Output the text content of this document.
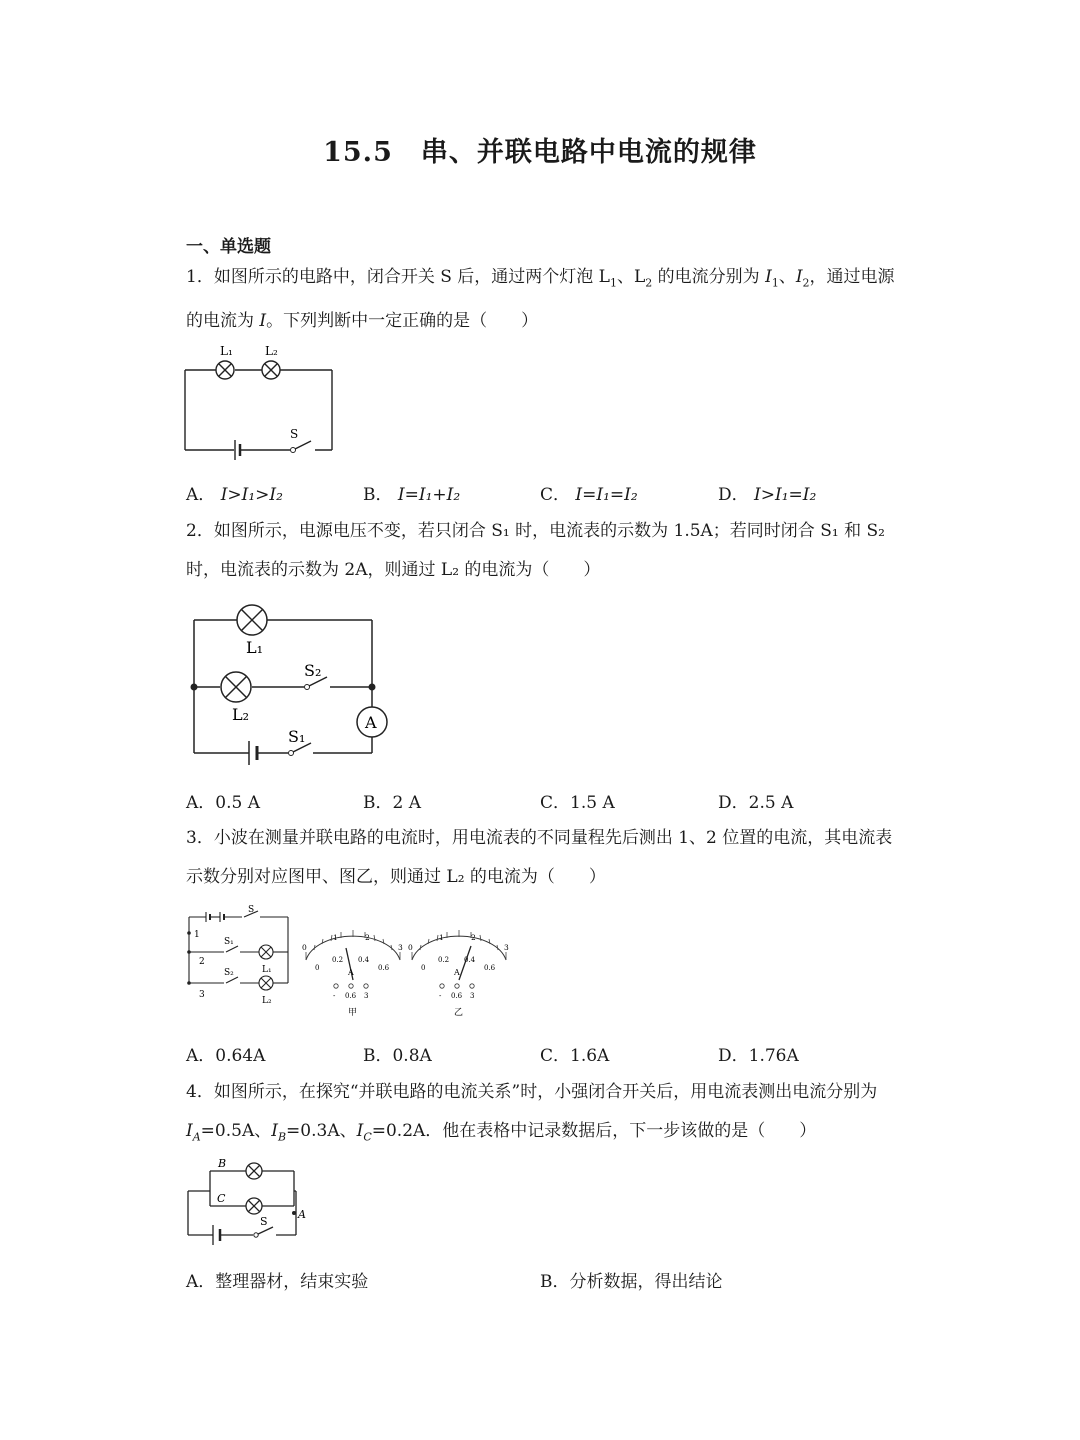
15.5　串、并联电路中电流的规律
一、单选题
1．如图所示的电路中，闭合开关 S 后，通过两个灯泡 $L_1$、$L_2$ 的电流分别为 $I_1$、$I_2$，通过电源的电流为 I。下列判断中一定正确的是（　　）
L₁	L₂
S
A． I>I₁>I₂	B． I=I₁+I₂	C． I=I₁=I₂	D． I>I₁=I₂
2．如图所示，电源电压不变，若只闭合 S₁ 时，电流表的示数为 1.5A；若同时闭合 S₁ 和 S₂ 时，电流表的示数为 2A，则通过 L₂ 的电流为（　　）
A
L₁
L₂
S₂
S₁
A．0.5 A	B．2 A	C．1.5 A	D．2.5 A
3．小波在测量并联电路的电流时，用电流表的不同量程先后测出 1、2 位置的电流，其电流表示数分别对应图甲、图乙，则通过 L₂ 的电流为（　　）
S
S₁
S₂	L₁
L₂
1
2
3
0
1	2
3
0
0.2 0.4
0.6
A
- 0.6 3
甲
0
1	2
3
0
0.2 0.4
0.6
A
- 0.6 3
乙
A．0.64A	B．0.8A	C．1.6A	D．1.76A
4．如图所示，在探究“并联电路的电流关系”时，小强闭合开关后，用电流表测出电流分别为 $I_A=0.5A$、$I_B=0.3A$、$I_C=0.2A$．他在表格中记录数据后，下一步该做的是（　　）
B
C
A
S
A．整理器材，结束实验	B．分析数据，得出结论
